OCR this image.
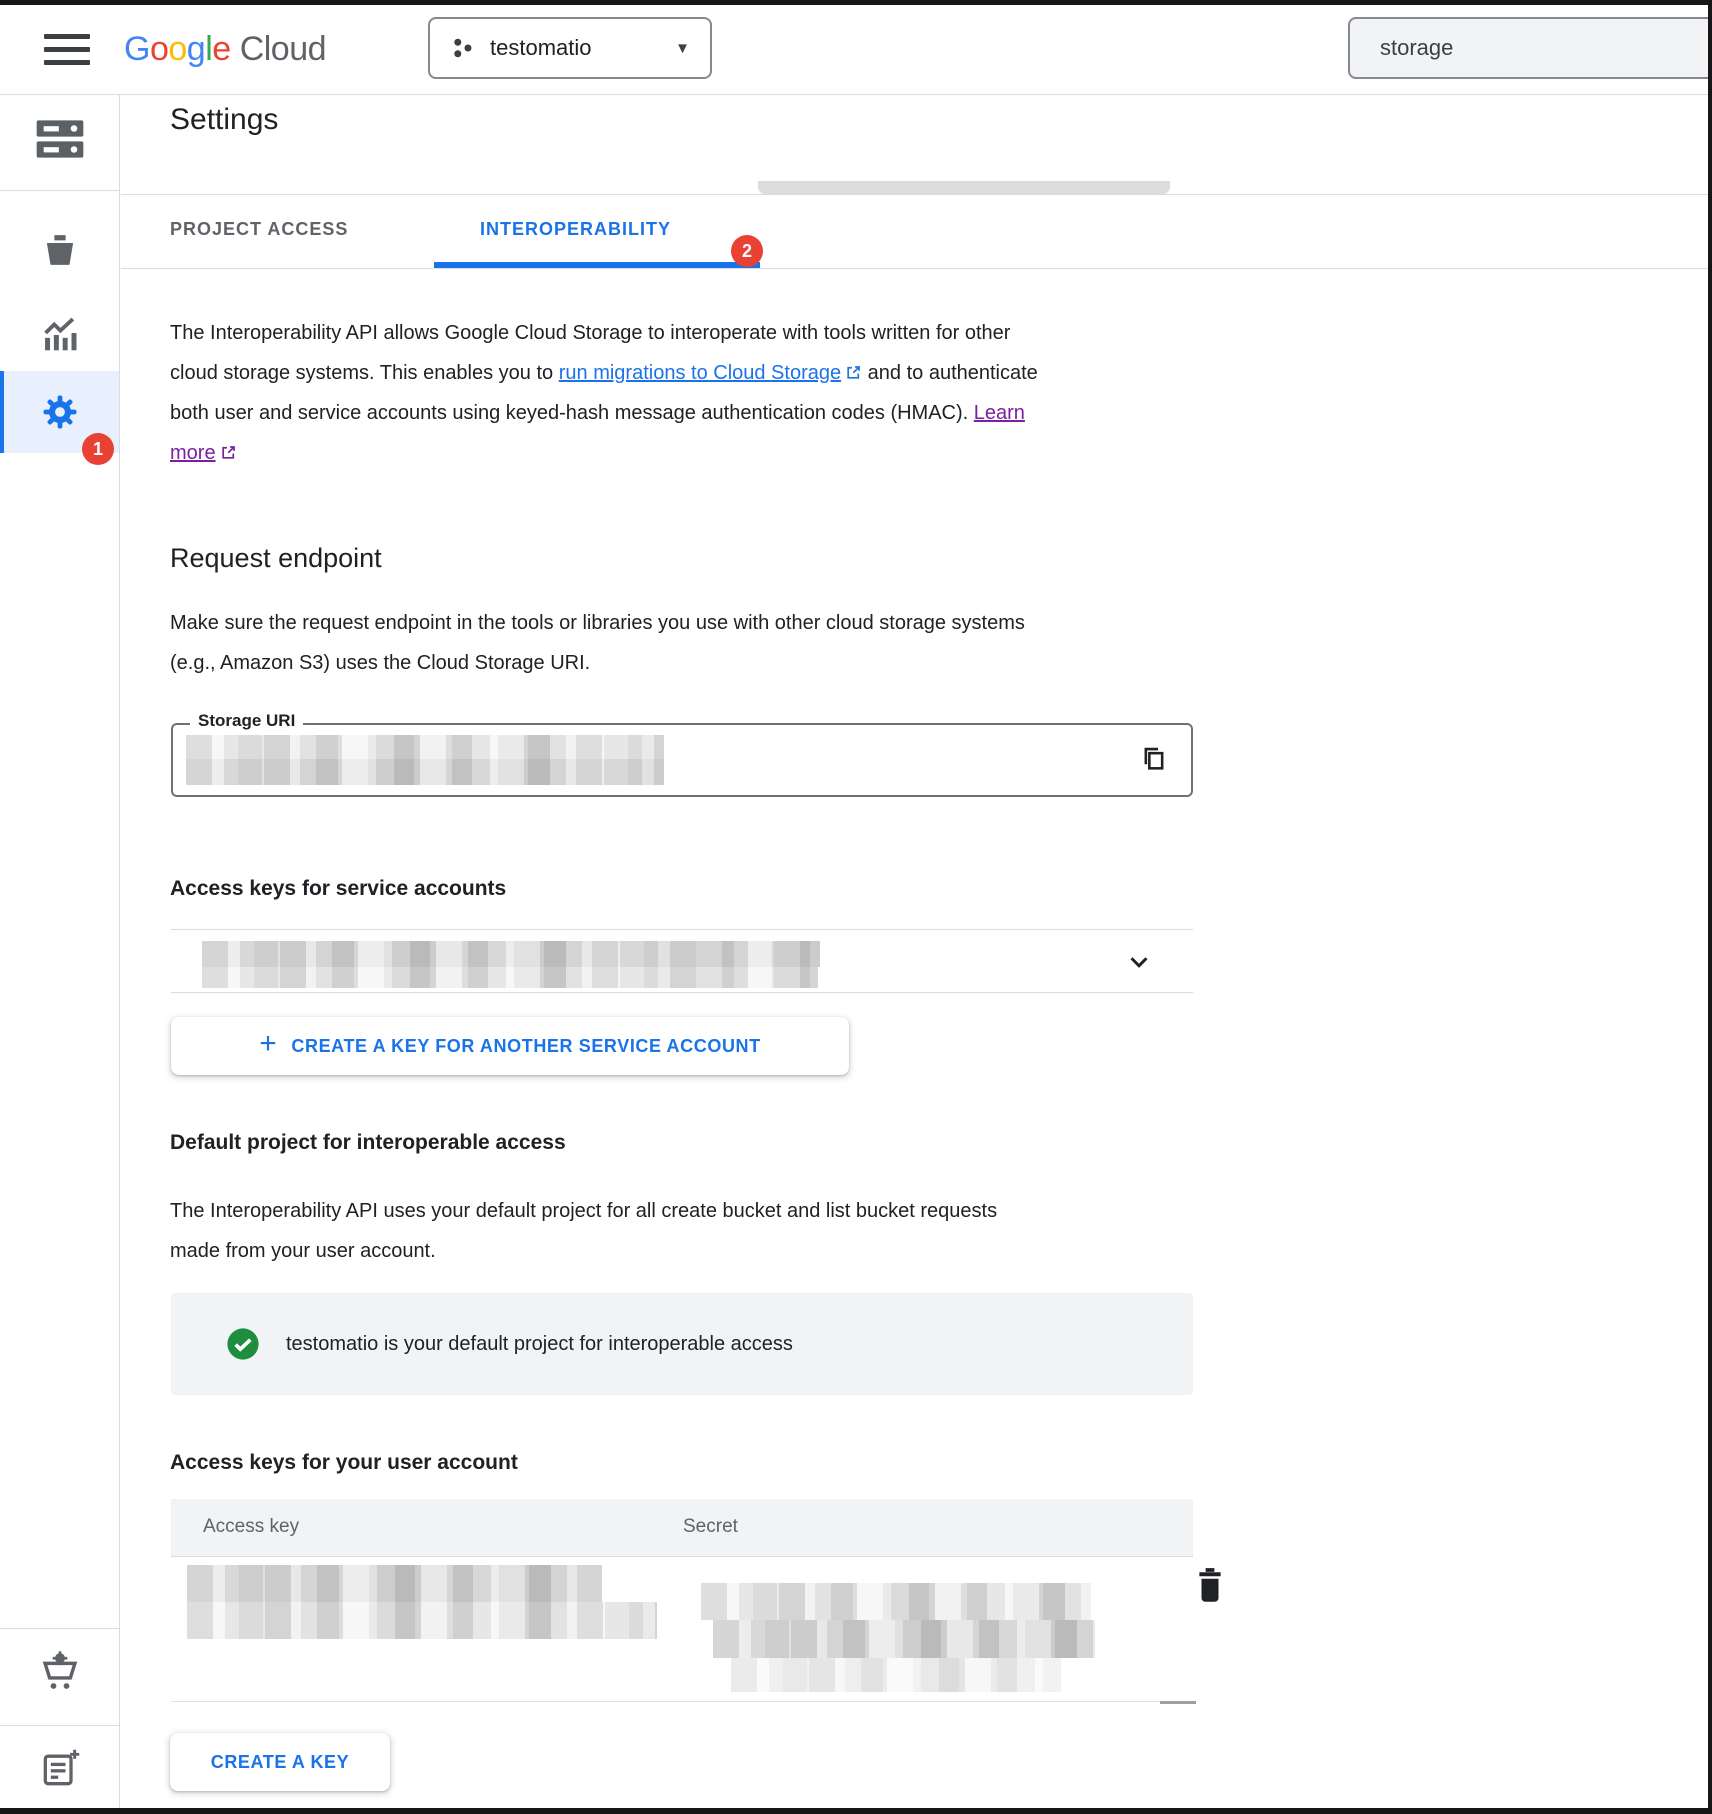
G o o g l e Cloud	testomatio	▼
storage
1
Settings
PROJECT ACCESS	INTEROPERABILITY
2
The Interoperability API allows Google Cloud Storage to interoperate with tools written for other cloud storage systems. This enables you to run migrations to Cloud Storage and to authenticate both user and service accounts using keyed-hash message authentication codes (HMAC). Learn more
Request endpoint
Make sure the request endpoint in the tools or libraries you use with other cloud storage systems (e.g., Amazon S3) uses the Cloud Storage URI.
Storage URI
Access keys for service accounts
+ CREATE A KEY FOR ANOTHER SERVICE ACCOUNT
Default project for interoperable access
The Interoperability API uses your default project for all create bucket and list bucket requests made from your user account.
testomatio is your default project for interoperable access
Access keys for your user account
Access key	Secret
CREATE A KEY
